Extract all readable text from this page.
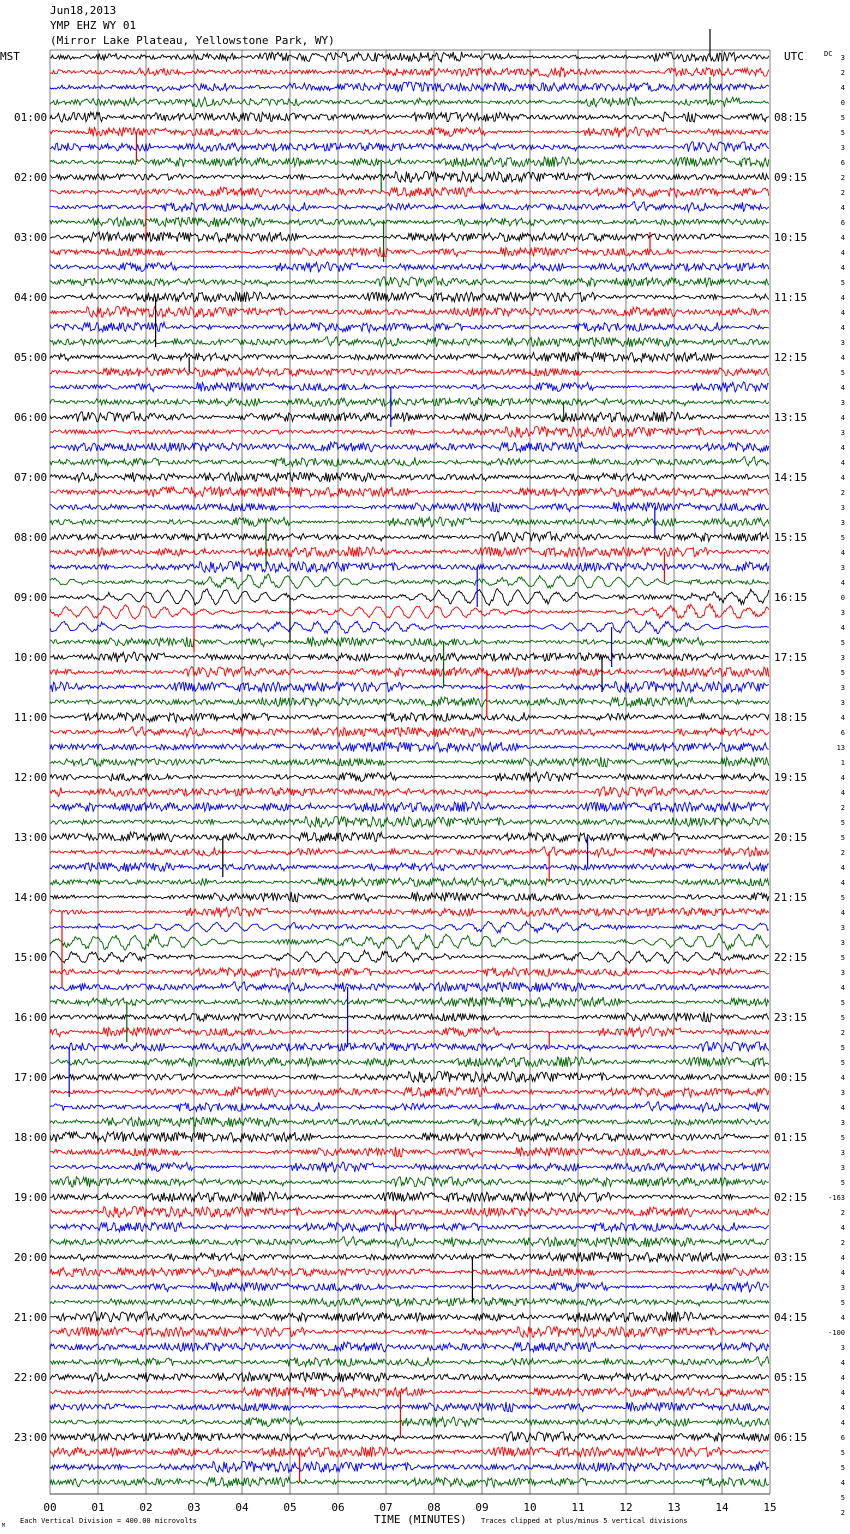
01:00
02:00
03:00
04:00
05:00
06:00
07:00
08:00
09:00
10:00
11:00
12:00
13:00
14:00
15:00
16:00
17:00
18:00
19:00
20:00
21:00
22:00
23:00
08:15
09:15
10:15
11:15
12:15
13:15
14:15
15:15
16:15
17:15
18:15
19:15
20:15
21:15
22:15
23:15
00:15
01:15
02:15
03:15
04:15
05:15
06:15
3
2
4
0
5
5
3
6
2
2
4
6
4
4
4
5
4
4
4
3
4
5
4
3
4
3
4
4
4
2
3
3
5
4
3
4
0
3
4
5
3
5
3
3
4
6
13
1
4
4
2
5
5
2
4
4
5
4
3
3
5
3
4
5
5
2
5
5
4
3
4
3
5
3
3
5
-163
2
4
2
4
4
3
5
4
-100
3
4
4
4
4
4
6
5
5
4
5
2
00	01	02	03	04	05	06	07	08	09	10	11	12	13	14	15
MST	UTC	DC
TIME (MINUTES)
Each Vertical Division = 400.00 microvolts	Traces clipped at plus/minus 5 vertical divisions
M
Jun18,2013
YMP EHZ WY 01
(Mirror Lake Plateau, Yellowstone Park, WY)
